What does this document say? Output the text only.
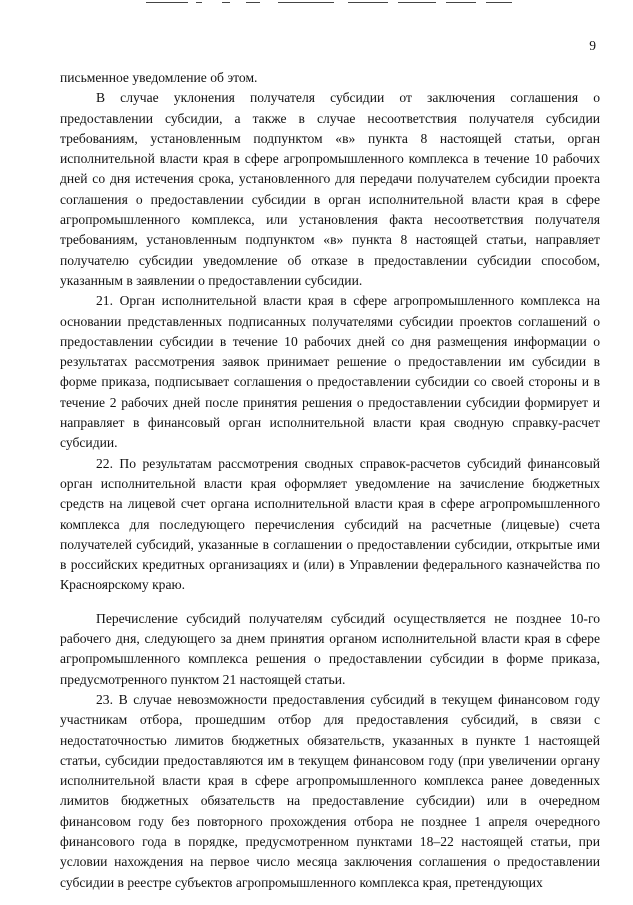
9

письменное уведомление об этом.

В случае уклонения получателя субсидии от заключения соглашения о предоставлении субсидии, а также в случае несоответствия получателя субсидии требованиям, установленным подпунктом «в» пункта 8 настоящей статьи, орган исполнительной власти края в сфере агропромышленного комплекса в течение 10 рабочих дней со дня истечения срока, установленного для передачи получателем субсидии проекта соглашения о предоставлении субсидии в орган исполнительной власти края в сфере агропромышленного комплекса, или установления факта несоответствия получателя требованиям, установленным подпунктом «в» пункта 8 настоящей статьи, направляет получателю субсидии уведомление об отказе в предоставлении субсидии способом, указанным в заявлении о предоставлении субсидии.

21. Орган исполнительной власти края в сфере агропромышленного комплекса на основании представленных подписанных получателями субсидии проектов соглашений о предоставлении субсидии в течение 10 рабочих дней со дня размещения информации о результатах рассмотрения заявок принимает решение о предоставлении им субсидии в форме приказа, подписывает соглашения о предоставлении субсидии со своей стороны и в течение 2 рабочих дней после принятия решения о предоставлении субсидии формирует и направляет в финансовый орган исполнительной власти края сводную справку-расчет субсидии.

22. По результатам рассмотрения сводных справок-расчетов субсидий финансовый орган исполнительной власти края оформляет уведомление на зачисление бюджетных средств на лицевой счет органа исполнительной власти края в сфере агропромышленного комплекса для последующего перечисления субсидий на расчетные (лицевые) счета получателей субсидий, указанные в соглашении о предоставлении субсидии, открытые ими в российских кредитных организациях и (или) в Управлении федерального казначейства по Красноярскому краю.

Перечисление субсидий получателям субсидий осуществляется не позднее 10-го рабочего дня, следующего за днем принятия органом исполнительной власти края в сфере агропромышленного комплекса решения о предоставлении субсидии в форме приказа, предусмотренного пунктом 21 настоящей статьи.

23. В случае невозможности предоставления субсидий в текущем финансовом году участникам отбора, прошедшим отбор для предоставления субсидий, в связи с недостаточностью лимитов бюджетных обязательств, указанных в пункте 1 настоящей статьи, субсидии предоставляются им в текущем финансовом году (при увеличении органу исполнительной власти края в сфере агропромышленного комплекса ранее доведенных лимитов бюджетных обязательств на предоставление субсидии) или в очередном финансовом году без повторного прохождения отбора не позднее 1 апреля очередного финансового года в порядке, предусмотренном пунктами 18–22 настоящей статьи, при условии нахождения на первое число месяца заключения соглашения о предоставлении субсидии в реестре субъектов агропромышленного комплекса края, претендующих
